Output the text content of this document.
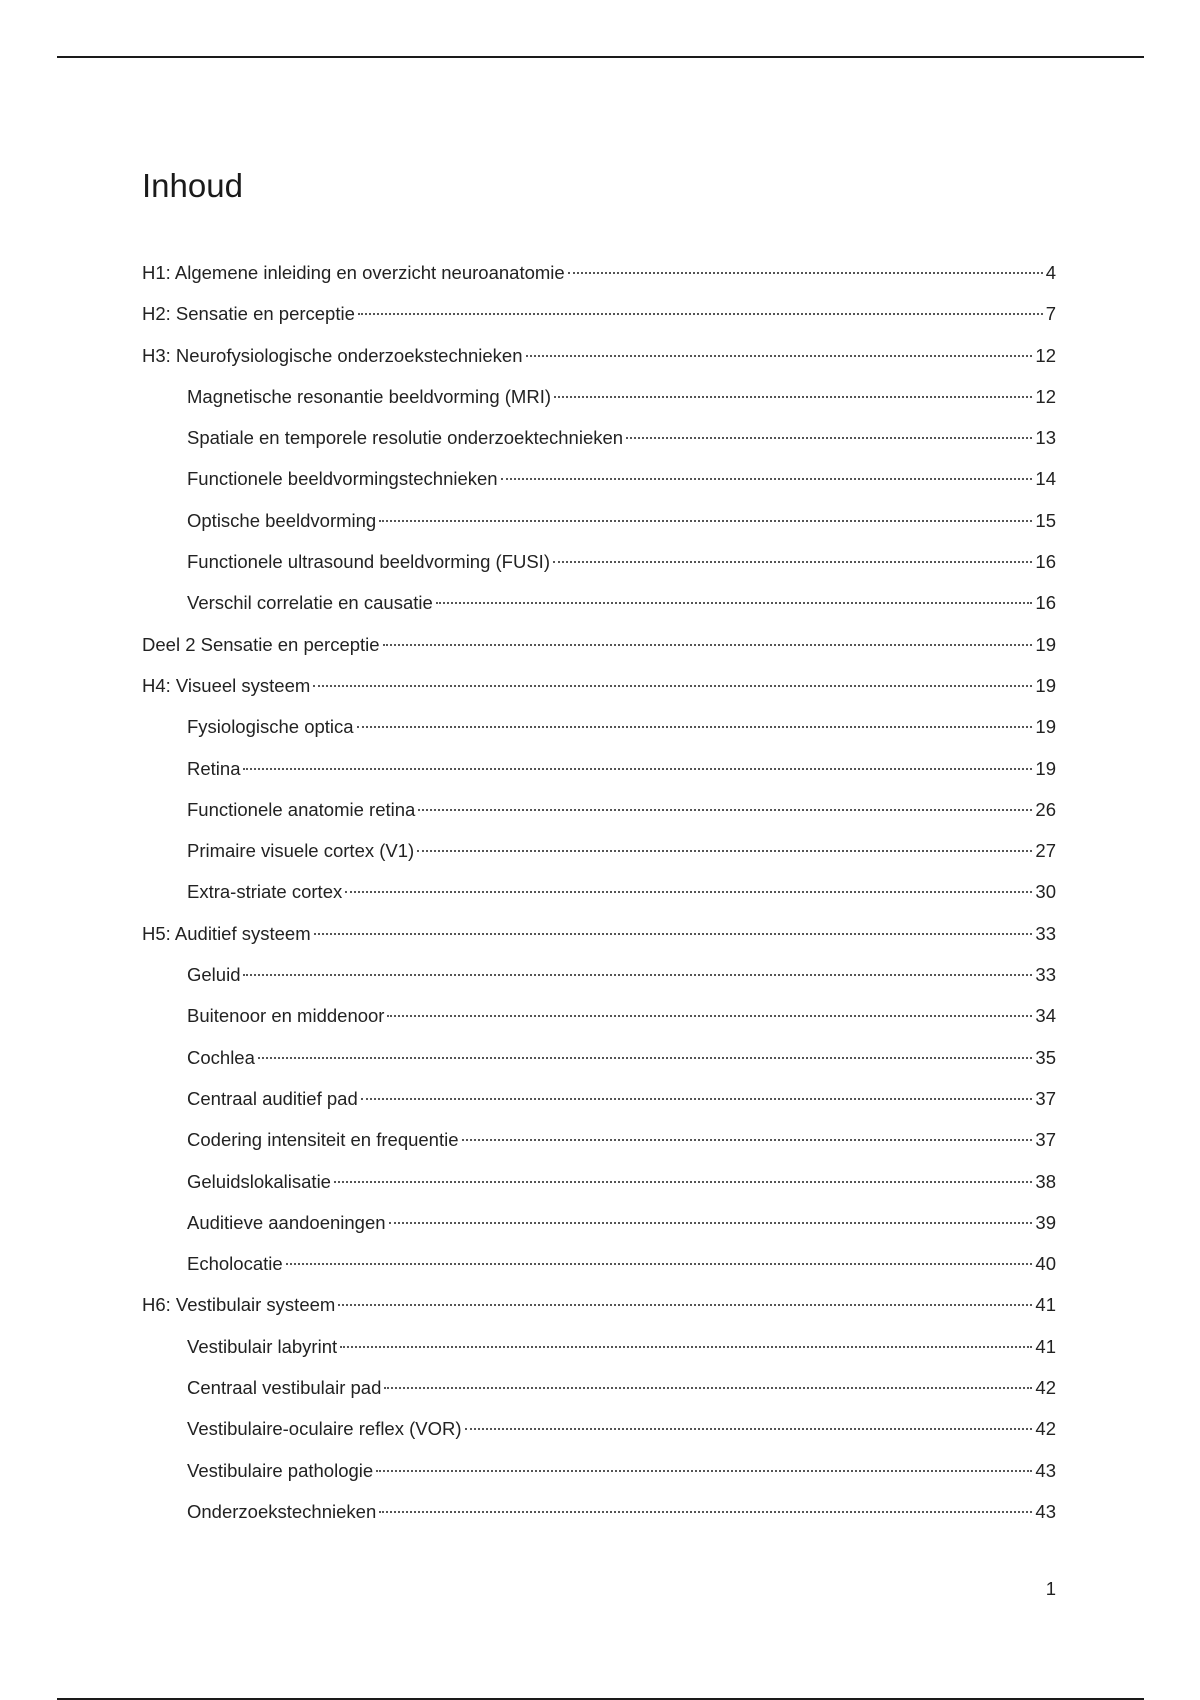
Inhoud
H1: Algemene inleiding en overzicht neuroanatomie	4
H2: Sensatie en perceptie	7
H3: Neurofysiologische onderzoekstechnieken	12
Magnetische resonantie beeldvorming (MRI)	12
Spatiale en temporele resolutie onderzoektechnieken	13
Functionele beeldvormingstechnieken	14
Optische beeldvorming	15
Functionele ultrasound beeldvorming (FUSI)	16
Verschil correlatie en causatie	16
Deel 2 Sensatie en perceptie	19
H4: Visueel systeem	19
Fysiologische optica	19
Retina	19
Functionele anatomie retina	26
Primaire visuele cortex (V1)	27
Extra-striate cortex	30
H5: Auditief systeem	33
Geluid	33
Buitenoor en middenoor	34
Cochlea	35
Centraal auditief pad	37
Codering intensiteit en frequentie	37
Geluidslokalisatie	38
Auditieve aandoeningen	39
Echolocatie	40
H6: Vestibulair systeem	41
Vestibulair labyrint	41
Centraal vestibulair pad	42
Vestibulaire-oculaire reflex (VOR)	42
Vestibulaire pathologie	43
Onderzoekstechnieken	43
1
